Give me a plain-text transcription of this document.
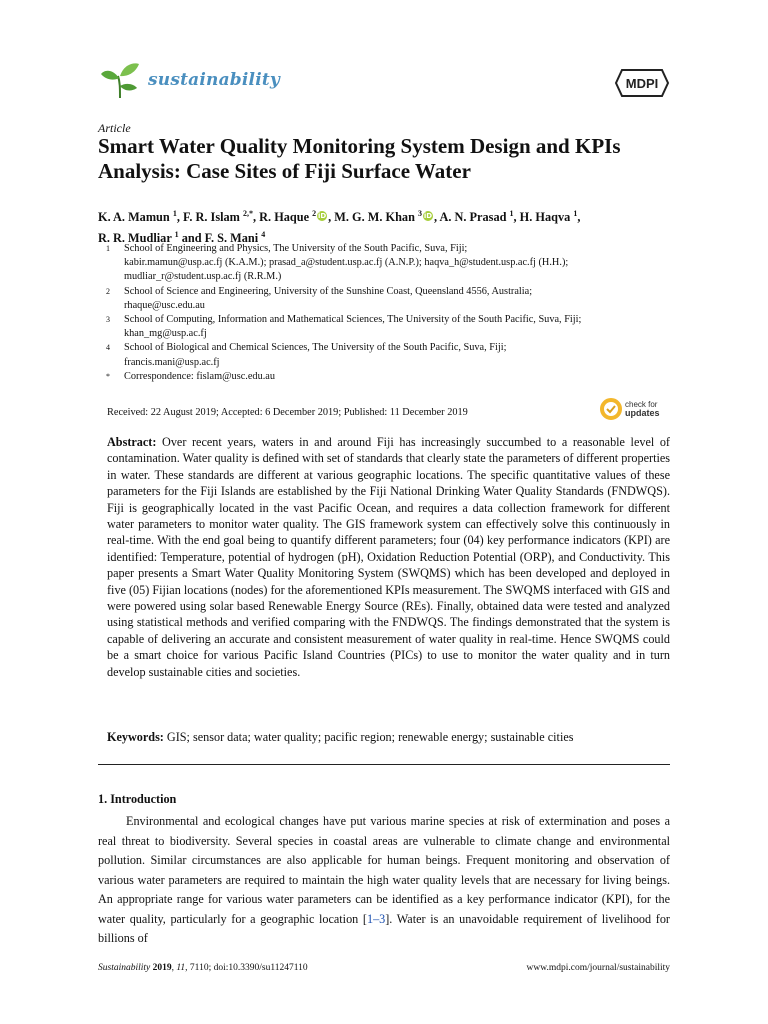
sustainability	MDPI
Article
Smart Water Quality Monitoring System Design and KPIs Analysis: Case Sites of Fiji Surface Water
K. A. Mamun $^1$, F. R. Islam $^{2,*}$, R. Haque $^2$ iD , M. G. M. Khan $^3$ iD , A. N. Prasad $^1$, H. Haqva $^1$,
R. R. Mudliar $^1$ and F. S. Mani $^4$
1	School of Engineering and Physics, The University of the South Pacific, Suva, Fiji;
kabir.mamun@usp.ac.fj (K.A.M.); prasad_a@student.usp.ac.fj (A.N.P.); haqva_h@student.usp.ac.fj (H.H.);
mudliar_r@student.usp.ac.fj (R.R.M.)
2	School of Science and Engineering, University of the Sunshine Coast, Queensland 4556, Australia;
rhaque@usc.edu.au
3	School of Computing, Information and Mathematical Sciences, The University of the South Pacific, Suva, Fiji;
khan_mg@usp.ac.fj
4	School of Biological and Chemical Sciences, The University of the South Pacific, Suva, Fiji;
francis.mani@usp.ac.fj
*	Correspondence: fislam@usc.edu.au
Received: 22 August 2019; Accepted: 6 December 2019; Published: 11 December 2019
check for
updates

Abstract: Over recent years, waters in and around Fiji has increasingly succumbed to a reasonable level of contamination. Water quality is defined with set of standards that clearly state the parameters of different properties in water. These standards are different at various geographic locations. The specific quantitative values of these parameters for the Fiji Islands are established by the Fiji National Drinking Water Quality Standards (FNDWQS). Fiji is geographically located in the vast Pacific Ocean, and requires a data collection framework for different water parameters to monitor water quality. The GIS framework system can effectively solve this continuously in real-time. With the end goal being to quantify different parameters; four (04) key performance indicators (KPI) are identified: Temperature, potential of hydrogen (pH), Oxidation Reduction Potential (ORP), and Conductivity. This paper presents a Smart Water Quality Monitoring System (SWQMS) which has been developed and deployed in five (05) Fijian locations (nodes) for the aforementioned KPIs measurement. The SWQMS interfaced with GIS and were powered using solar based Renewable Energy Source (REs). Finally, obtained data were tested and analyzed using statistical methods and verified comparing with the FNDWQS. The findings demonstrated that the system is capable of delivering an accurate and consistent measurement of water quality in real-time. Hence SWQMS could be a smart choice for various Pacific Island Countries (PICs) to use to monitor the water quality and in turn develop sustainable cities and societies.

Keywords: GIS; sensor data; water quality; pacific region; renewable energy; sustainable cities

1. Introduction

Environmental and ecological changes have put various marine species at risk of extermination and poses a real threat to biodiversity. Several species in coastal areas are vulnerable to climate change and environmental pollution. Similar circumstances are also applicable for human beings. Frequent monitoring and observation of various water parameters are required to maintain the high water quality levels that are necessary for living beings. An appropriate range for various water parameters can be identified as a key performance indicator (KPI), for the water quality, particularly for a geographic location [1–3]. Water is an unavoidable requirement of livelihood for billions of

Sustainability 2019, 11, 7110; doi:10.3390/su11247110	www.mdpi.com/journal/sustainability
